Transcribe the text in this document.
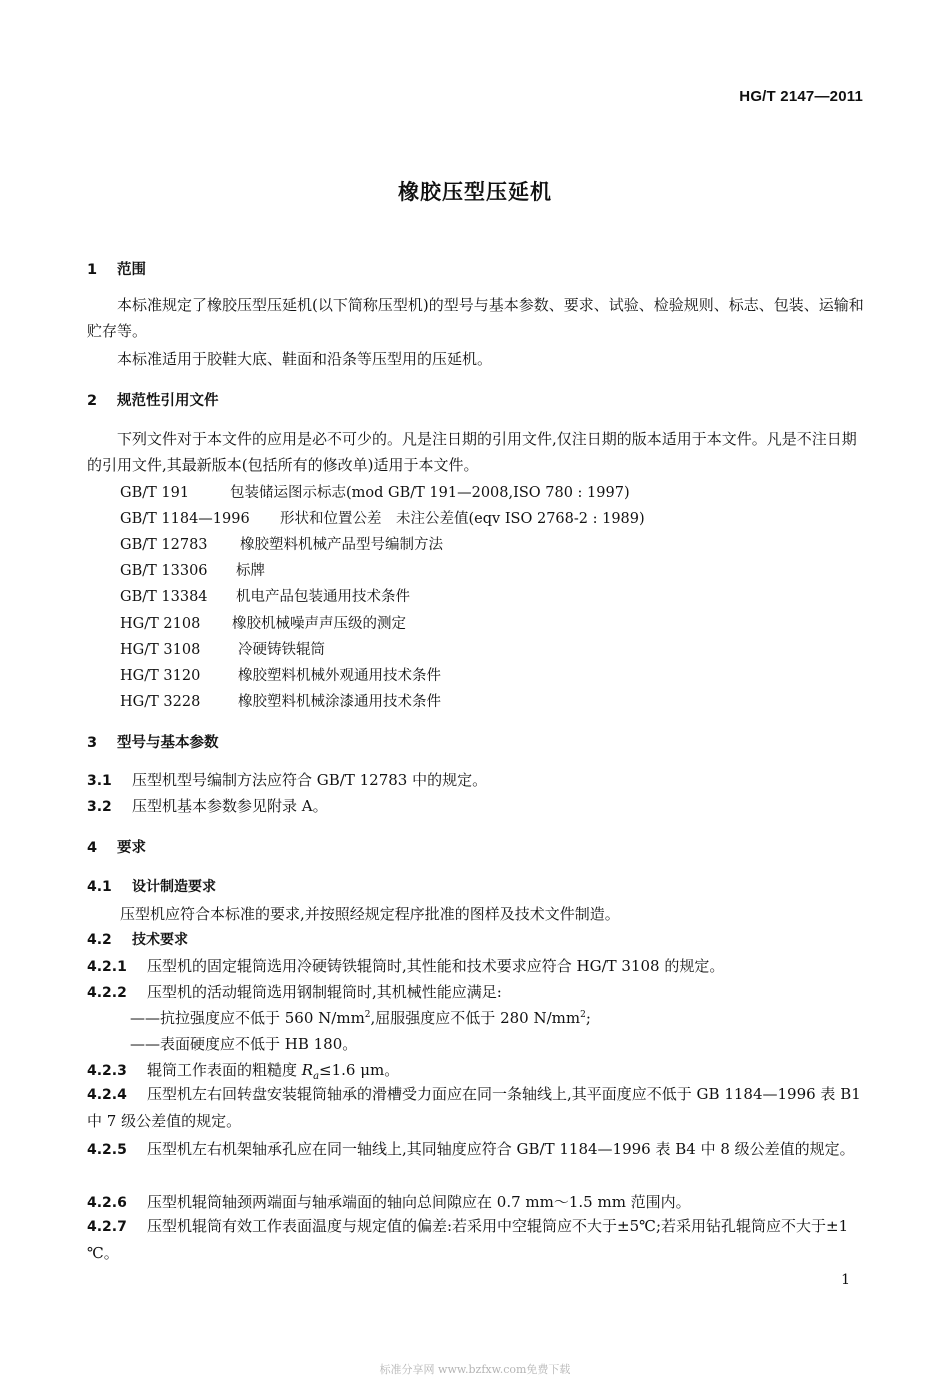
HG/T 2147—2011
橡胶压型压延机
1 范围
本标准规定了橡胶压型压延机(以下简称压型机)的型号与基本参数、要求、试验、检验规则、标志、包装、运输和贮存等。
本标准适用于胶鞋大底、鞋面和沿条等压型用的压延机。
2 规范性引用文件
下列文件对于本文件的应用是必不可少的。凡是注日期的引用文件,仅注日期的版本适用于本文件。凡是不注日期的引用文件,其最新版本(包括所有的修改单)适用于本文件。
GB/T 191	包装储运图示标志(mod GB/T 191—2008,ISO 780 : 1997)
GB/T 1184—1996 形状和位置公差　未注公差值(eqv ISO 2768-2 : 1989)
GB/T 12783 橡胶塑料机械产品型号编制方法
GB/T 13306 标牌
GB/T 13384 机电产品包装通用技术条件
HG/T 2108 橡胶机械噪声声压级的测定
HG/T 3108	冷硬铸铁辊筒
HG/T 3120	橡胶塑料机械外观通用技术条件
HG/T 3228	橡胶塑料机械涂漆通用技术条件
3 型号与基本参数
3.1 压型机型号编制方法应符合 GB/T 12783 中的规定。
3.2 压型机基本参数参见附录 A。
4 要求
4.1 设计制造要求
压型机应符合本标准的要求,并按照经规定程序批准的图样及技术文件制造。
4.2 技术要求
4.2.1 压型机的固定辊筒选用冷硬铸铁辊筒时,其性能和技术要求应符合 HG/T 3108 的规定。
4.2.2 压型机的活动辊筒选用钢制辊筒时,其机械性能应满足:
——抗拉强度应不低于 560 $N/mm^2$,屈服强度应不低于 280 $N/mm^2$;
——表面硬度应不低于 HB 180。
4.2.3 辊筒工作表面的粗糙度 $R_a\le 1.6$ μm。
4.2.4 压型机左右回转盘安装辊筒轴承的滑槽受力面应在同一条轴线上,其平面度应不低于 GB 1184—1996 表 B1 中 7 级公差值的规定。
4.2.5 压型机左右机架轴承孔应在同一轴线上,其同轴度应符合 GB/T 1184—1996 表 B4 中 8 级公差值的规定。
4.2.6 压型机辊筒轴颈两端面与轴承端面的轴向总间隙应在 0.7 mm～1.5 mm 范围内。
4.2.7 压型机辊筒有效工作表面温度与规定值的偏差:若采用中空辊筒应不大于±5℃;若采用钻孔辊筒应不大于±1 ℃。
1
标准分享网 www.bzfxw.com免费下载
